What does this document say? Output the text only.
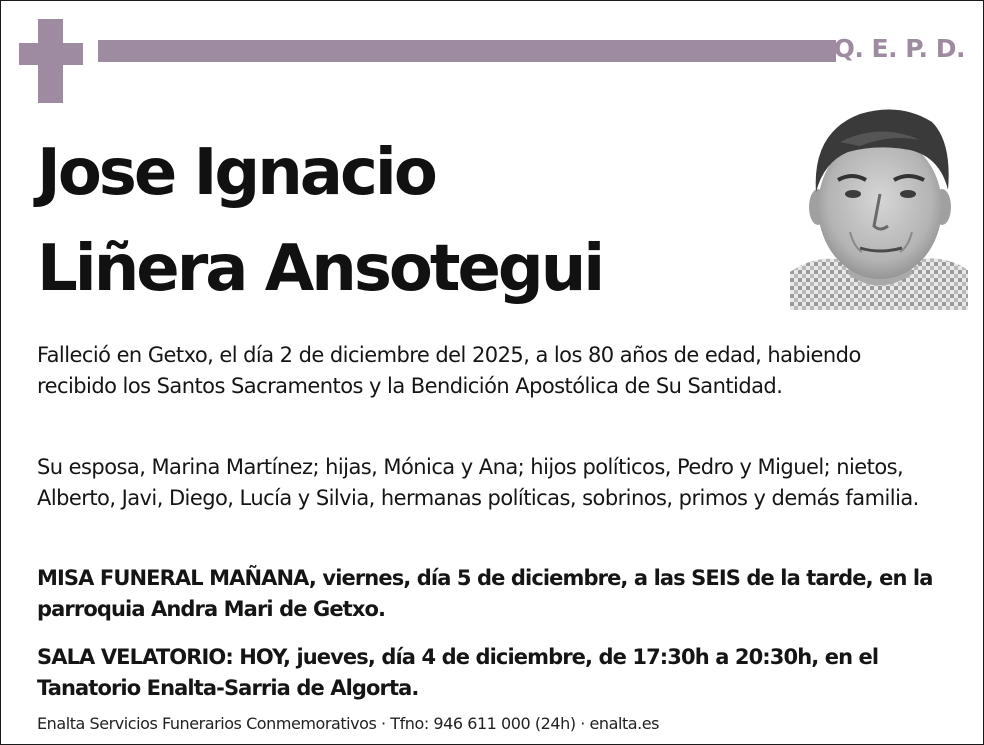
Q. E. P. D.
Jose Ignacio
Liñera Ansotegui
Falleció en Getxo, el día 2 de diciembre del 2025, a los 80 años de edad, habiendo recibido los Santos Sacramentos y la Bendición Apostólica de Su Santidad.
Su esposa, Marina Martínez; hijas, Mónica y Ana; hijos políticos, Pedro y Miguel; nietos, Alberto, Javi, Diego, Lucía y Silvia, hermanas políticas, sobrinos, primos y demás familia.
MISA FUNERAL MAÑANA, viernes, día 5 de diciembre, a las SEIS de la tarde, en la parroquia Andra Mari de Getxo.
SALA VELATORIO: HOY, jueves, día 4 de diciembre, de 17:30h a 20:30h, en el Tanatorio Enalta-Sarria de Algorta.
Enalta Servicios Funerarios Conmemorativos · Tfno: 946 611 000 (24h) · enalta.es
